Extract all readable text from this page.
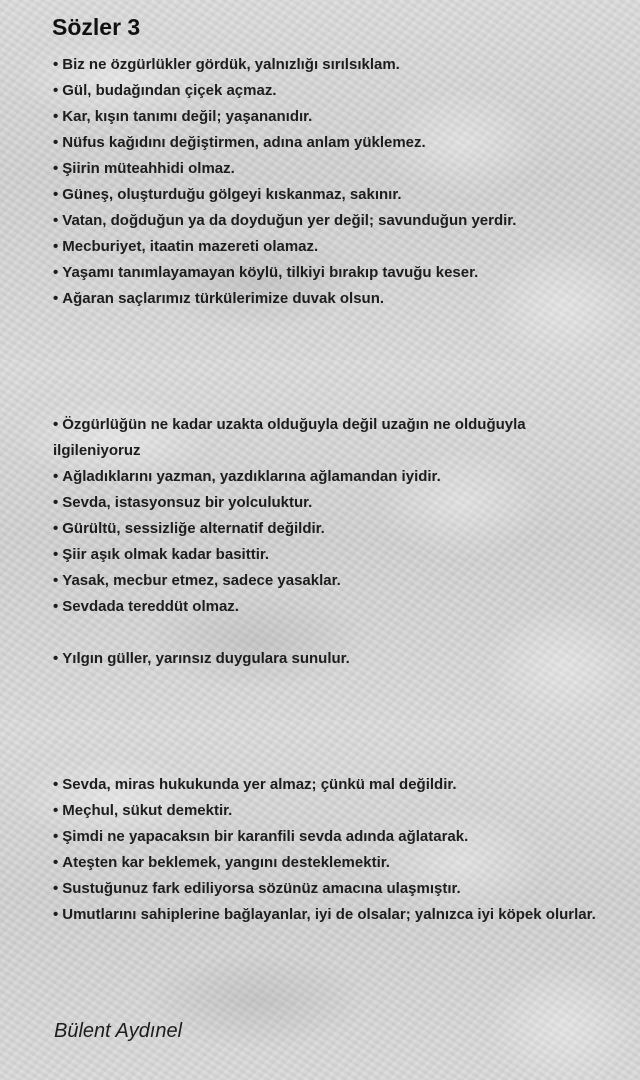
Sözler 3
• Biz ne özgürlükler gördük, yalnızlığı sırılsıklam.
• Gül, budağından çiçek açmaz.
• Kar, kışın tanımı değil; yaşananıdır.
• Nüfus kağıdını değiştirmen, adına anlam yüklemez.
• Şiirin müteahhidi olmaz.
• Güneş, oluşturduğu gölgeyi kıskanmaz, sakınır.
• Vatan, doğduğun ya da doyduğun yer değil; savunduğun yerdir.
• Mecburiyet, itaatin mazereti olamaz.
• Yaşamı tanımlayamayan köylü, tilkiyi bırakıp tavuğu keser.
• Ağaran saçlarımız türkülerimize duvak olsun.
• Özgürlüğün ne kadar uzakta olduğuyla değil uzağın ne olduğuyla ilgileniyoruz
• Ağladıklarını yazman, yazdıklarına ağlamandan iyidir.
• Sevda, istasyonsuz bir yolculuktur.
• Gürültü, sessizliğe alternatif değildir.
• Şiir aşık olmak kadar basittir.
• Yasak, mecbur etmez, sadece yasaklar.
• Sevdada tereddüt olmaz.
• Yılgın güller, yarınsız duygulara sunulur.
• Sevda, miras hukukunda yer almaz; çünkü mal değildir.
• Meçhul, sükut demektir.
• Şimdi ne yapacaksın bir karanfili sevda adında ağlatarak.
• Ateşten kar beklemek, yangını desteklemektir.
• Sustuğunuz fark ediliyorsa sözünüz amacına ulaşmıştır.
• Umutlarını sahiplerine bağlayanlar, iyi de olsalar; yalnızca iyi köpek olurlar.

Bülent Aydınel
